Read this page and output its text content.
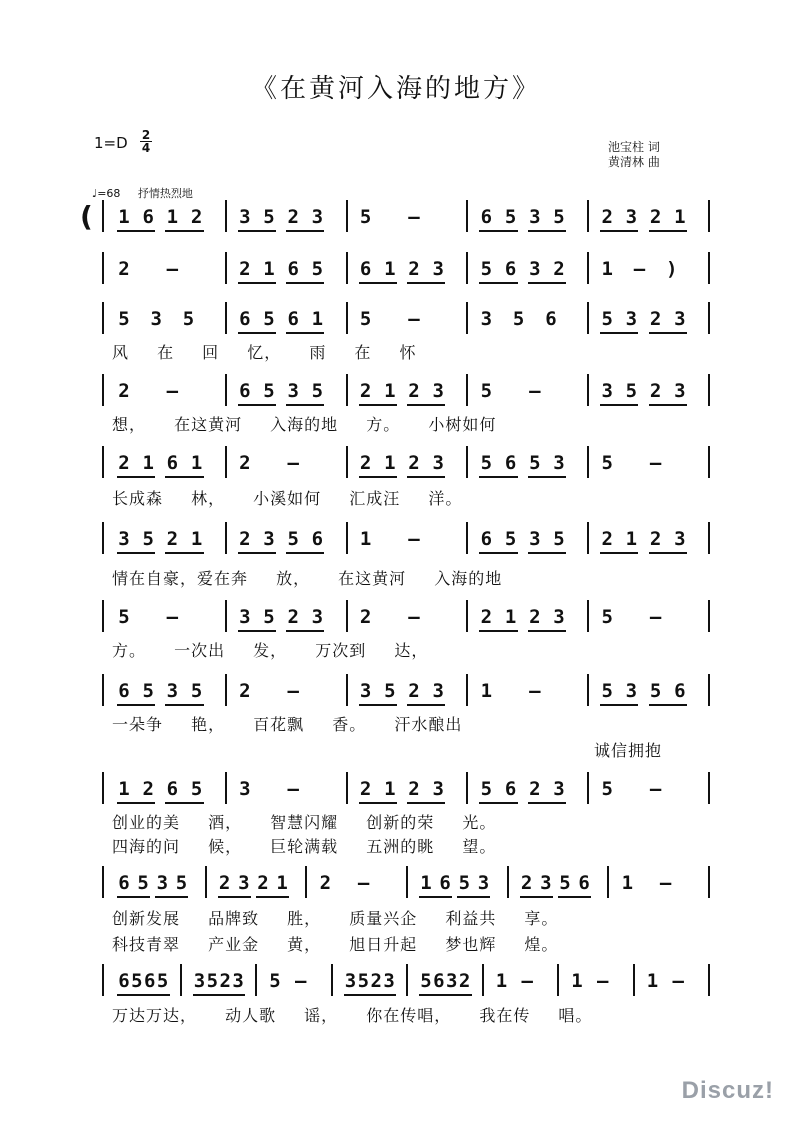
《在黄河入海的地方》
1=D 2
4	池宝柱 词
黄清林 曲
♩=68 抒情热烈地
( 1 6 1 2 3 5 2 3 5 –	6 5 3 5 2 3 2 1
2 –	2 1 6 5 6 1 2 3 5 6 3 2 1 – )
5 3 5 6 5 6 1 5 –	3 5 6 5 3 2 3
2 –	6 5 3 5 2 1 2 3 5 –	3 5 2 3
2 1 6 1 2 –	2 1 2 3 5 6 5 3 5 –
3 5 2 1 2 3 5 6 1 –	6 5 3 5 2 1 2 3
5 –	3 5 2 3 2 –	2 1 2 3 5 –
6 5 3 5 2 –	3 5 2 3 1 –	5 3 5 6
1 2 6 5 3 –	2 1 2 3 5 6 2 3 5 –
6 5 3 5 2 3 2 1 2 –	1 6 5 3 2 3 5 6 1 –
6 5 6 5 3 5 2 3 5 – 3 5 2 3 5 6 3 2 1 – 1 – 1 –
风 在 回 忆， 雨 在 怀
想， 在这黄河 入海的地 方。 小树如何
长成森 林， 小溪如何 汇成汪 洋。
情在自豪，爱在奔 放， 在这黄河 入海的地
方。 一次出 发， 万次到 达，
一朵争 艳， 百花飘 香。 汗水酿出
诚信拥抱
创业的美 酒， 智慧闪耀 创新的荣 光。
四海的问 候， 巨轮满载 五洲的眺 望。
创新发展 品牌致 胜， 质量兴企 利益共 享。
科技青翠 产业金 黄， 旭日升起 梦也辉 煌。
万达万达， 动人歌 谣， 你在传唱， 我在传 唱。
Discuz!
